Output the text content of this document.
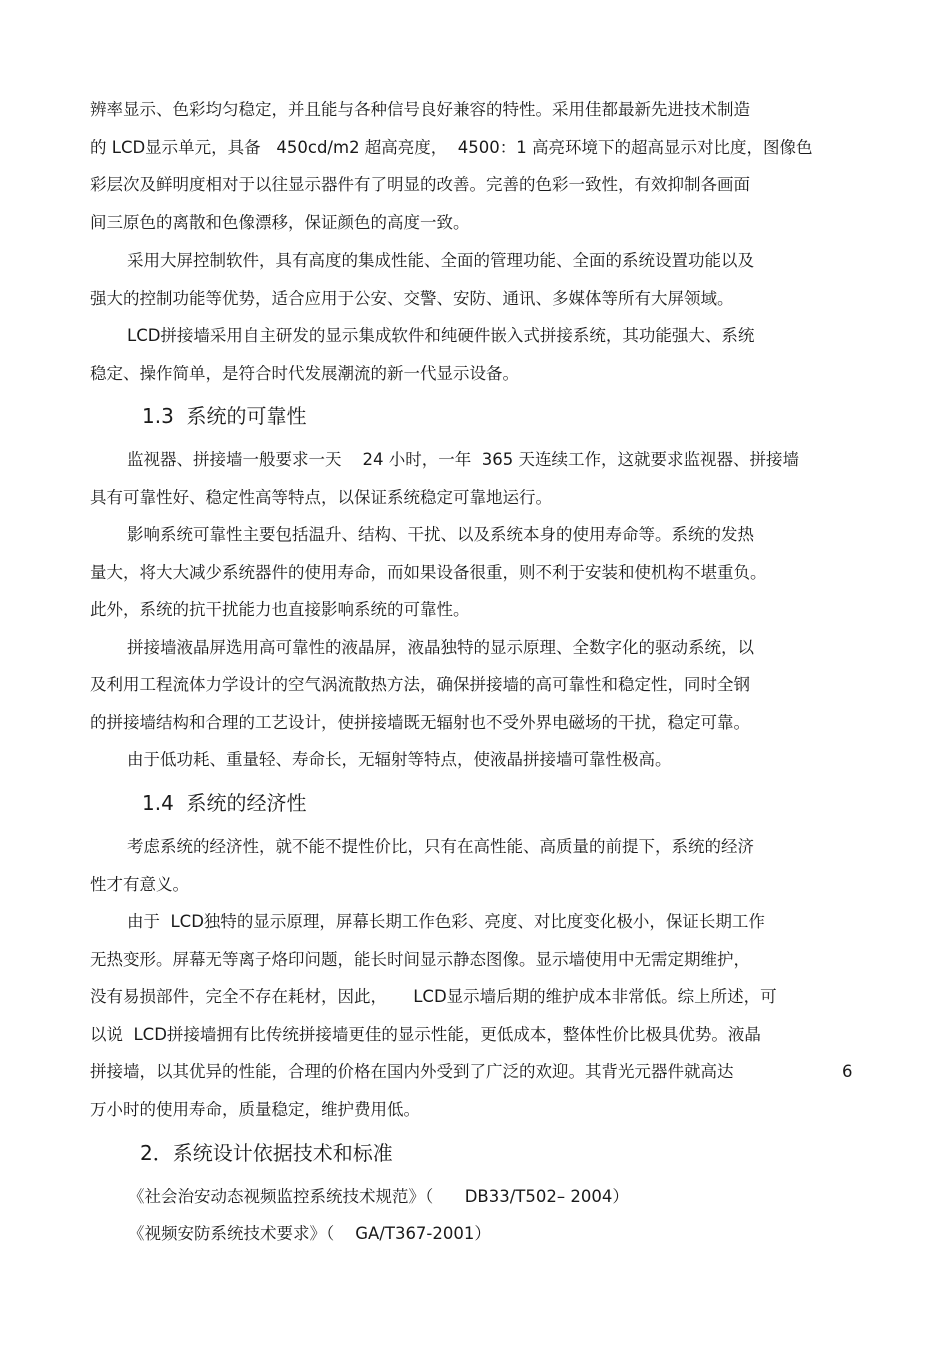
辨率显示、色彩均匀稳定，并且能与各种信号良好兼容的特性。采用佳都最新先进技术制造

的 LCD显示单元，具备   450cd/m2 超高亮度，  4500：1 高亮环境下的超高显示对比度，图像色

彩层次及鲜明度相对于以往显示器件有了明显的改善。完善的色彩一致性，有效抑制各画面

间三原色的离散和色像漂移，保证颜色的高度一致。

采用大屏控制软件，具有高度的集成性能、全面的管理功能、全面的系统设置功能以及

强大的控制功能等优势，适合应用于公安、交警、安防、通讯、多媒体等所有大屏领域。

LCD拼接墙采用自主研发的显示集成软件和纯硬件嵌入式拼接系统，其功能强大、系统

稳定、操作简单，是符合时代发展潮流的新一代显示设备。

1.3  系统的可靠性

监视器、拼接墙一般要求一天    24 小时，一年  365 天连续工作，这就要求监视器、拼接墙

具有可靠性好、稳定性高等特点，以保证系统稳定可靠地运行。

影响系统可靠性主要包括温升、结构、干扰、以及系统本身的使用寿命等。系统的发热

量大，将大大减少系统器件的使用寿命，而如果设备很重，则不利于安装和使机构不堪重负。

此外，系统的抗干扰能力也直接影响系统的可靠性。

拼接墙液晶屏选用高可靠性的液晶屏，液晶独特的显示原理、全数字化的驱动系统，以

及利用工程流体力学设计的空气涡流散热方法，确保拼接墙的高可靠性和稳定性，同时全钢

的拼接墙结构和合理的工艺设计，使拼接墙既无辐射也不受外界电磁场的干扰，稳定可靠。

由于低功耗、重量轻、寿命长，无辐射等特点，使液晶拼接墙可靠性极高。

1.4  系统的经济性

考虑系统的经济性，就不能不提性价比，只有在高性能、高质量的前提下，系统的经济

性才有意义。

由于  LCD独特的显示原理，屏幕长期工作色彩、亮度、对比度变化极小，保证长期工作

无热变形。屏幕无等离子烙印问题，能长时间显示静态图像。显示墙使用中无需定期维护，

没有易损部件，完全不存在耗材，因此，     LCD显示墙后期的维护成本非常低。综上所述，可

以说  LCD拼接墙拥有比传统拼接墙更佳的显示性能，更低成本，整体性价比极具优势。液晶

拼接墙，以其优异的性能，合理的价格在国内外受到了广泛的欢迎。其背光元器件就高达	6

万小时的使用寿命，质量稳定，维护费用低。

2．系统设计依据技术和标准

《社会治安动态视频监控系统技术规范》（      DB33/T502– 2004）

《视频安防系统技术要求》（    GA/T367-2001）
